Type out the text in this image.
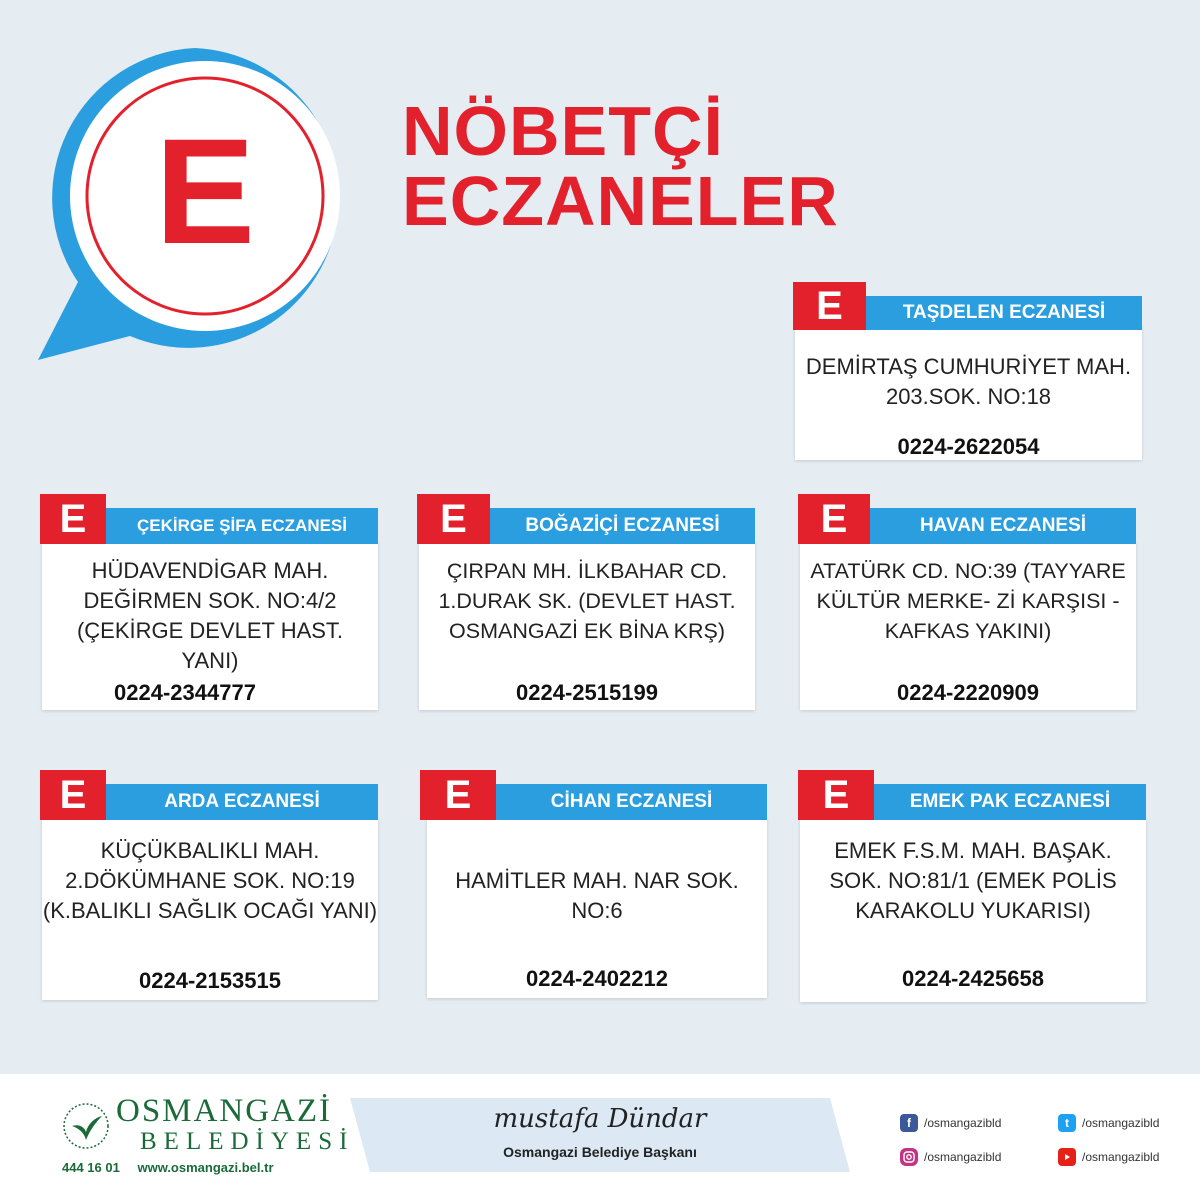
E NÖBETÇİ
ECZANELER
TAŞDELEN ECZANESİ
E
DEMİRTAŞ CUMHURİYET MAH. 203.SOK. NO:18
0224-2622054
ÇEKİRGE ŞİFA ECZANESİ
E
HÜDAVENDİGAR MAH. DEĞİRMEN SOK. NO:4/2 (ÇEKİRGE DEVLET HAST. YANI)
0224-2344777
BOĞAZİÇİ ECZANESİ
E
ÇIRPAN MH. İLKBAHAR CD. 1.DURAK SK. (DEVLET HAST. OSMANGAZİ EK BİNA KRŞ)
0224-2515199
HAVAN ECZANESİ
E
ATATÜRK CD. NO:39 (TAYYARE KÜLTÜR MERKE- Zİ KARŞISI - KAFKAS YAKINI)
0224-2220909
ARDA ECZANESİ
E
KÜÇÜKBALIKLI MAH. 2.DÖKÜMHANE SOK. NO:19 (K.BALIKLI SAĞLIK OCAĞI YANI)
0224-2153515
CİHAN ECZANESİ
E
HAMİTLER MAH. NAR SOK. NO:6
0224-2402212
EMEK PAK ECZANESİ
E
EMEK F.S.M. MAH. BAŞAK. SOK. NO:81/1 (EMEK POLİS KARAKOLU YUKARISI)
0224-2425658
OSMANGAZİ
BELEDİYESİ
444 16 01 www.osmangazi.bel.tr
mustafa Dündar
Osmangazi Belediye Başkanı
f	/osmangazibld	t	/osmangazibld
/osmangazibld	/osmangazibld
